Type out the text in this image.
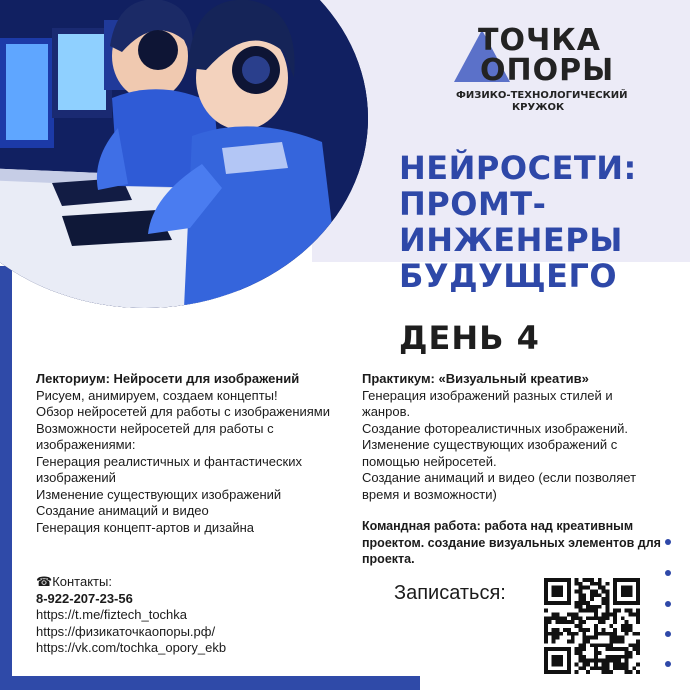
ТОЧКА
ОПОРЫ
ФИЗИКО-ТЕХНОЛОГИЧЕСКИЙ
КРУЖОК
НЕЙРОСЕТИ:
ПРОМТ-
ИНЖЕНЕРЫ
БУДУЩЕГО
ДЕНЬ 4
Лекториум: Нейросети для изображений
Рисуем, анимируем, создаем концепты!
Обзор нейросетей для работы с изображениями
Возможности нейросетей для работы с изображениями:
Генерация реалистичных и фантастических изображений
Изменение существующих изображений
Создание анимаций и видео
Генерация концепт-артов и дизайна
Практикум: «Визуальный креатив»
Генерация изображений разных стилей и жанров.
Создание фотореалистичных изображений.
Изменение существующих изображений с помощью нейросетей.
Создание анимаций и видео (если позволяет время и возможности)
Командная работа: работа над креативным проектом. создание визуальных элементов для проекта.
☎Контакты:
8-922-207-23-56
https://t.me/fiztech_tochka
https://физикаточкаопоры.рф/
https://vk.com/tochka_opory_ekb
Записаться:
